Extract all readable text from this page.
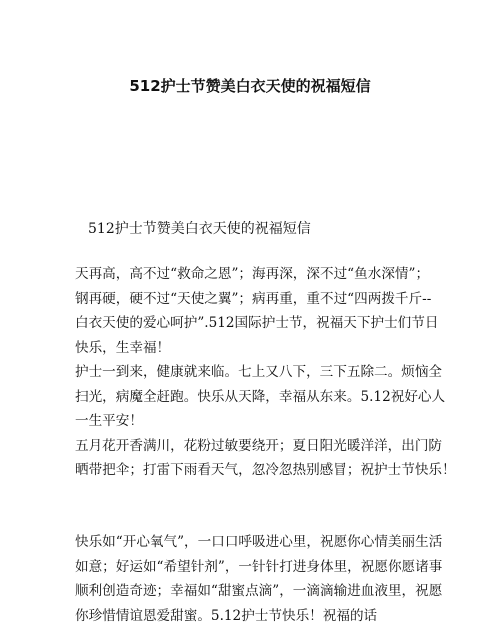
512护士节赞美白衣天使的祝福短信

512护士节赞美白衣天使的祝福短信

天再高，高不过“救命之恩”；海再深，深不过“鱼水深情”；
钢再硬，硬不过“天使之翼”；病再重，重不过“四两拨千斤--
白衣天使的爱心呵护”.512国际护士节，祝福天下护士们节日
快乐，生幸福！
护士一到来，健康就来临。七上又八下，三下五除二。烦恼全
扫光，病魔全赶跑。快乐从天降，幸福从东来。5.12祝好心人
一生平安！
五月花开香满川，花粉过敏要绕开；夏日阳光暖洋洋，出门防
晒带把伞；打雷下雨看天气，忽冷忽热别感冒；祝护士节快乐！
快乐如“开心氧气”，一口口呼吸进心里，祝愿你心情美丽生活
如意；好运如“希望针剂”，一针针打进身体里，祝愿你愿诸事
顺利创造奇迹；幸福如“甜蜜点滴”，一滴滴输进血液里，祝愿
你珍惜情谊恩爱甜蜜。5.12护士节快乐！祝福的话
